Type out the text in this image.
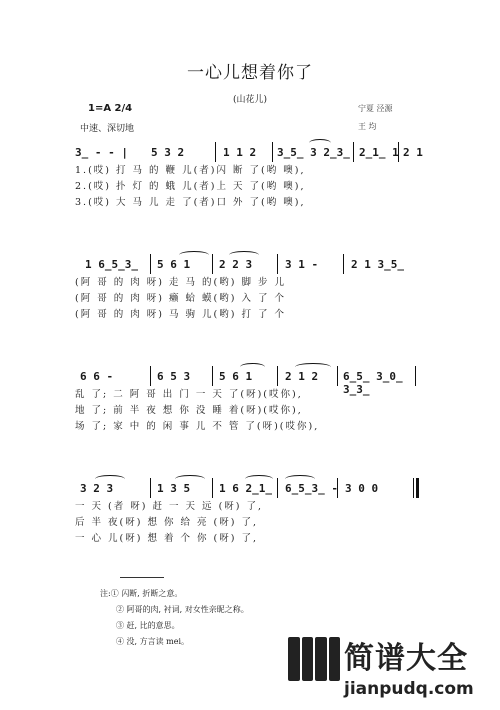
一心儿想着你了
(山花儿)
1=A 2/4
中速、深切地
宁夏 泾源
王 均
3̲ - - | 5 3 2	1 1 2 3̲5̲ 3 2̲3̲ 2̲1̲ 1 2 1
1.(哎) 打 马 的 鞭 儿(者)闪 断 了(哟 噢),
2.(哎) 扑 灯 的 蛾 儿(者)上 天 了(哟 噢),
3.(哎) 大 马 儿 走 了(者)口 外 了(哟 噢),
1 6̲5̲3̲ 5 6 1	2 2 3	3 1 -	2 1 3̲5̲
(阿 哥 的 肉 呀) 走 马 的(哟) 脚 步 儿
(阿 哥 的 肉 呀) 癞 蛤 蟆(哟) 入 了 个
(阿 哥 的 肉 呀) 马 驹 儿(哟) 打 了 个
6 6 -	6 5 3	5 6 1	2 1 2 6̲5̲ 3̲0̲ 3̲3̲
乱 了; 二 阿 哥 出 门 一 天 了(呀)(哎你),
地 了; 前 半 夜 想 你 没 睡 着(呀)(哎你),
场 了; 家 中 的 闲 事 儿 不 管 了(呀)(哎你),
3 2 3	1 3 5	1 6 2̲1̲ 6̲5̲3̲ - 3 0 0
一 天 (者 呀) 赶 一 天 远 (呀) 了,
后 半 夜(呀) 想 你 给 亮 (呀) 了,
一 心 儿(呀) 想 着 个 你 (呀) 了,
注:① 闪断, 折断之意。
② 阿哥的肉, 衬词, 对女性亲昵之称。
③ 赶, 比的意思。
④ 没, 方言读 mei。	简谱大全
jianpudq.com
